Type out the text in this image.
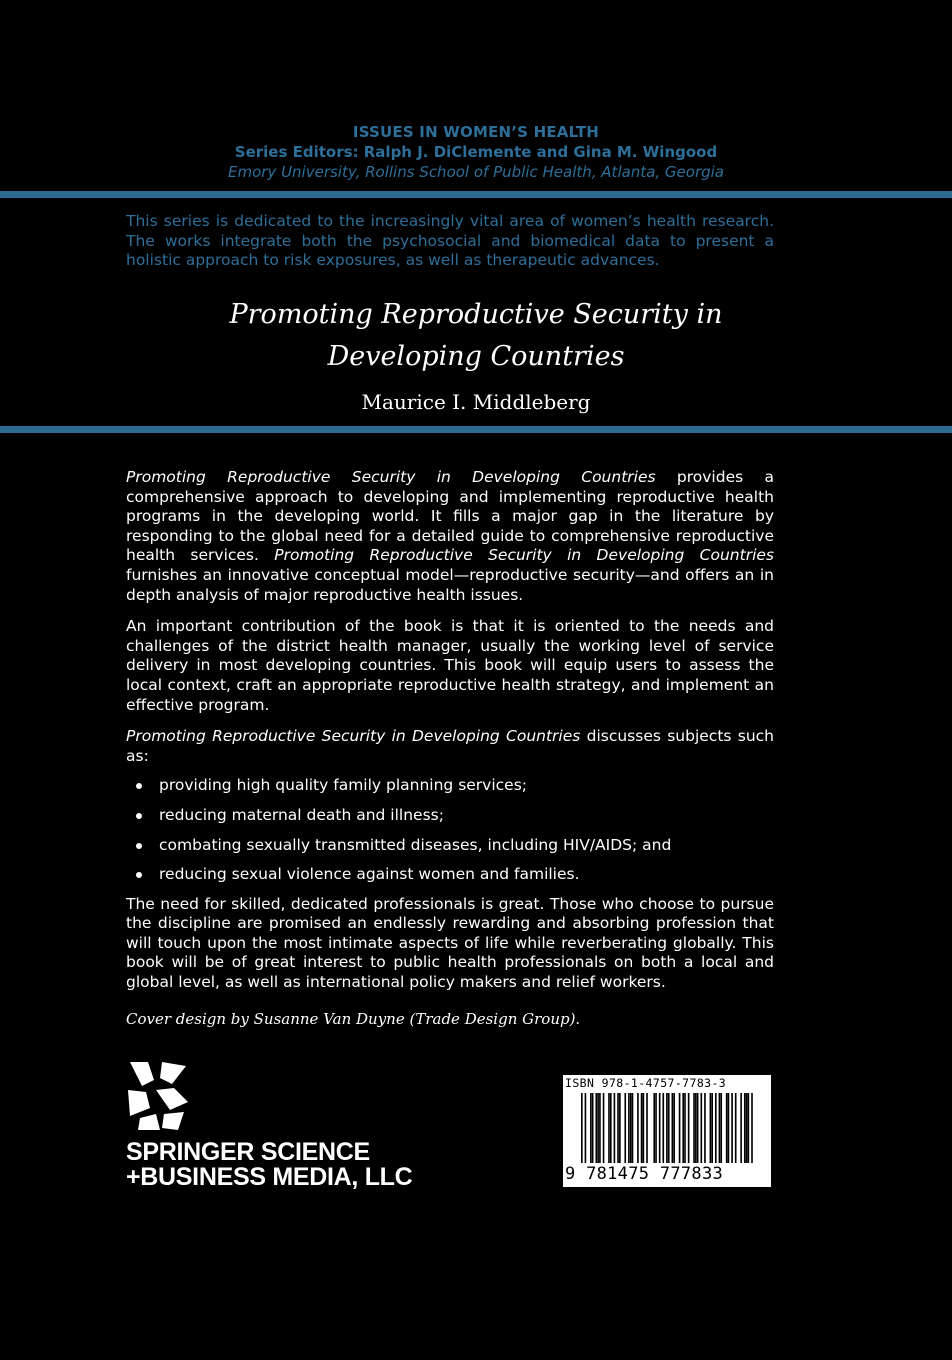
ISSUES IN WOMEN’S HEALTH
Series Editors: Ralph J. DiClemente and Gina M. Wingood
Emory University, Rollins School of Public Health, Atlanta, Georgia
This series is dedicated to the increasingly vital area of women’s health research. The works integrate both the psychosocial and biomedical data to present a holistic approach to risk exposures, as well as therapeutic advances.
Promoting Reproductive Security in
Developing Countries
Maurice I. Middleberg

Promoting Reproductive Security in Developing Countries provides a comprehensive approach to developing and implementing reproductive health programs in the developing world. It fills a major gap in the literature by responding to the global need for a detailed guide to comprehensive reproductive health services. Promoting Reproductive Security in Developing Countries furnishes an innovative conceptual model—reproductive security—and offers an in depth analysis of major reproductive health issues.

An important contribution of the book is that it is oriented to the needs and challenges of the district health manager, usually the working level of service delivery in most developing countries. This book will equip users to assess the local context, craft an appropriate reproductive health strategy, and implement an effective program.

Promoting Reproductive Security in Developing Countries discusses subjects such as:

providing high quality family planning services;
reducing maternal death and illness;
combating sexually transmitted diseases, including HIV/AIDS; and
reducing sexual violence against women and families.

The need for skilled, dedicated professionals is great. Those who choose to pursue the discipline are promised an endlessly rewarding and absorbing profession that will touch upon the most intimate aspects of life while reverberating globally. This book will be of great interest to public health professionals on both a local and global level, as well as international policy makers and relief workers.

Cover design by Susanne Van Duyne (Trade Design Group).
SPRINGER SCIENCE
+BUSINESS MEDIA, LLC
ISBN 978-1-4757-7783-3
9 781475 777833
